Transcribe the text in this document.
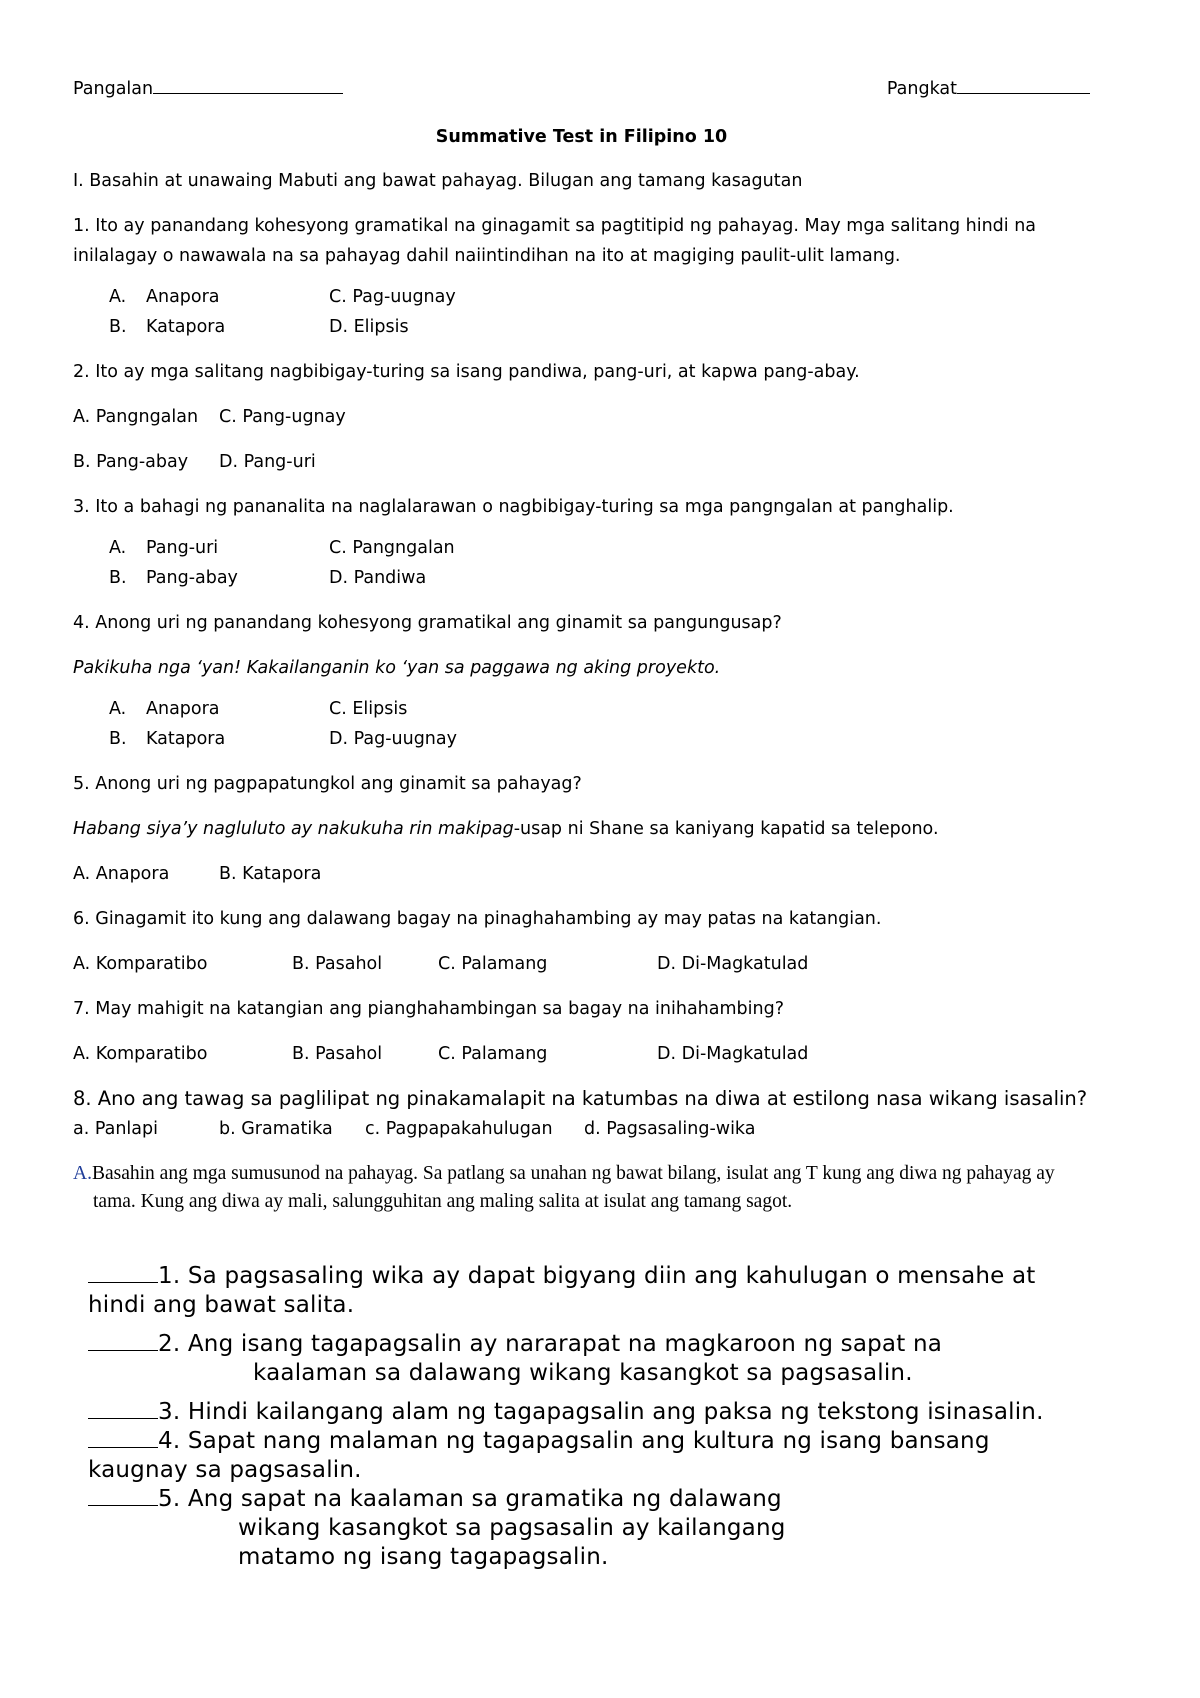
Pangalan	Pangkat
Summative Test in Filipino 10

I. Basahin at unawaing Mabuti ang bawat pahayag. Bilugan ang tamang kasagutan

1. Ito ay panandang kohesyong gramatikal na ginagamit sa pagtitipid ng pahayag. May mga salitang hindi na inilalagay o nawawala na sa pahayag dahil naiintindihan na ito at magiging paulit-ulit lamang.

A. Anapora	C. Pag-uugnay
B. Katapora	D. Elipsis

2. Ito ay mga salitang nagbibigay-turing sa isang pandiwa, pang-uri, at kapwa pang-abay.

A. Pangngalan	C. Pang-ugnay
B. Pang-abay	D. Pang-uri

3. Ito a bahagi ng pananalita na naglalarawan o nagbibigay-turing sa mga pangngalan at panghalip.

A. Pang-uri	C. Pangngalan
B. Pang-abay	D. Pandiwa

4. Anong uri ng panandang kohesyong gramatikal ang ginamit sa pangungusap?

Pakikuha nga ‘yan! Kakailanganin ko ‘yan sa paggawa ng aking proyekto.

A. Anapora	C. Elipsis
B. Katapora	D. Pag-uugnay

5. Anong uri ng pagpapatungkol ang ginamit sa pahayag?

Habang siya’y nagluluto ay nakukuha rin makipag-usap ni Shane sa kaniyang kapatid sa telepono.

A. Anapora	B. Katapora

6. Ginagamit ito kung ang dalawang bagay na pinaghahambing ay may patas na katangian.

A. Komparatibo	B. Pasahol	C. Palamang	D. Di-Magkatulad

7. May mahigit na katangian ang pianghahambingan sa bagay na inihahambing?

A. Komparatibo	B. Pasahol	C. Palamang	D. Di-Magkatulad

8. Ano ang tawag sa paglilipat ng pinakamalapit na katumbas na diwa at estilong nasa wikang isasalin?

a. Panlapi	b. Gramatika	c. Pagpapakahulugan	d. Pagsasaling-wika

A.Basahin ang mga sumusunod na pahayag. Sa patlang sa unahan ng bawat bilang, isulat ang T kung ang diwa ng pahayag ay tama. Kung ang diwa ay mali, salungguhitan ang maling salita at isulat ang tamang sagot.

1. Sa pagsasaling wika ay dapat bigyang diin ang kahulugan o mensahe at hindi ang bawat salita.
2. Ang isang tagapagsalin ay nararapat na magkaroon ng sapat na
kaalaman sa dalawang wikang kasangkot sa pagsasalin.
3. Hindi kailangang alam ng tagapagsalin ang paksa ng tekstong isinasalin.
4. Sapat nang malaman ng tagapagsalin ang kultura ng isang bansang kaugnay sa pagsasalin.
5. Ang sapat na kaalaman sa gramatika ng dalawang
wikang kasangkot sa pagsasalin ay kailangang
matamo ng isang tagapagsalin.
